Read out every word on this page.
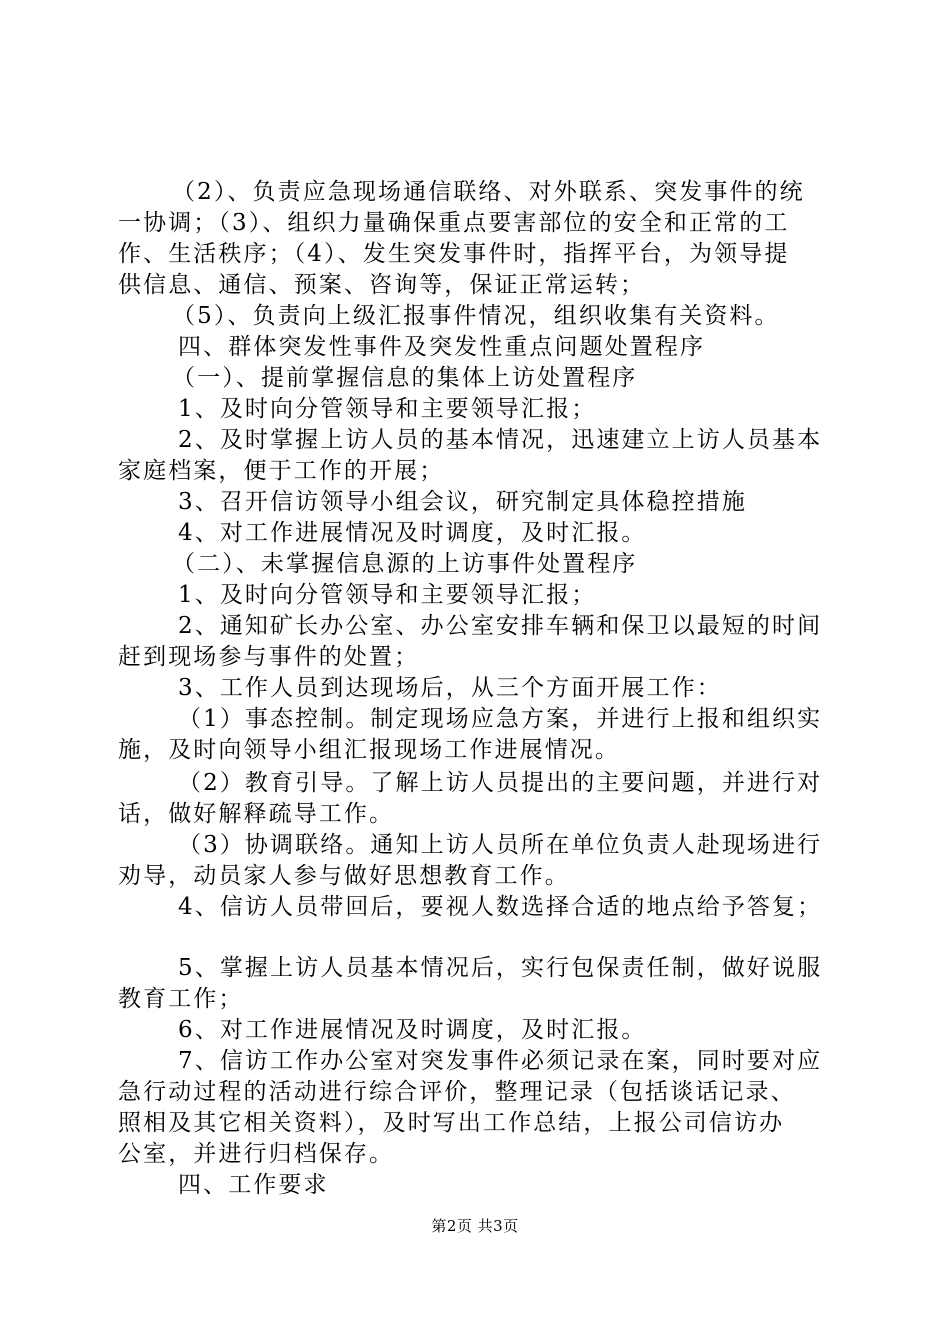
（2）、负责应急现场通信联络、对外联系、突发事件的统
一协调；（3）、组织力量确保重点要害部位的安全和正常的工
作、生活秩序；（4）、发生突发事件时，指挥平台，为领导提
供信息、通信、预案、咨询等，保证正常运转；
（5）、负责向上级汇报事件情况，组织收集有关资料。
四、群体突发性事件及突发性重点问题处置程序
（一）、提前掌握信息的集体上访处置程序
1、及时向分管领导和主要领导汇报；
2、及时掌握上访人员的基本情况，迅速建立上访人员基本
家庭档案，便于工作的开展；
3、召开信访领导小组会议，研究制定具体稳控措施
4、对工作进展情况及时调度，及时汇报。
（二）、未掌握信息源的上访事件处置程序
1、及时向分管领导和主要领导汇报；
2、通知矿长办公室、办公室安排车辆和保卫以最短的时间
赶到现场参与事件的处置；
3、工作人员到达现场后，从三个方面开展工作：
（1）事态控制。制定现场应急方案，并进行上报和组织实
施，及时向领导小组汇报现场工作进展情况。
（2）教育引导。了解上访人员提出的主要问题，并进行对
话，做好解释疏导工作。
（3）协调联络。通知上访人员所在单位负责人赴现场进行
劝导，动员家人参与做好思想教育工作。
4、信访人员带回后，要视人数选择合适的地点给予答复；
5、掌握上访人员基本情况后，实行包保责任制，做好说服
教育工作；
6、对工作进展情况及时调度，及时汇报。
7、信访工作办公室对突发事件必须记录在案，同时要对应
急行动过程的活动进行综合评价，整理记录（包括谈话记录、
照相及其它相关资料），及时写出工作总结，上报公司信访办
公室，并进行归档保存。
四、工作要求
第2页 共3页
